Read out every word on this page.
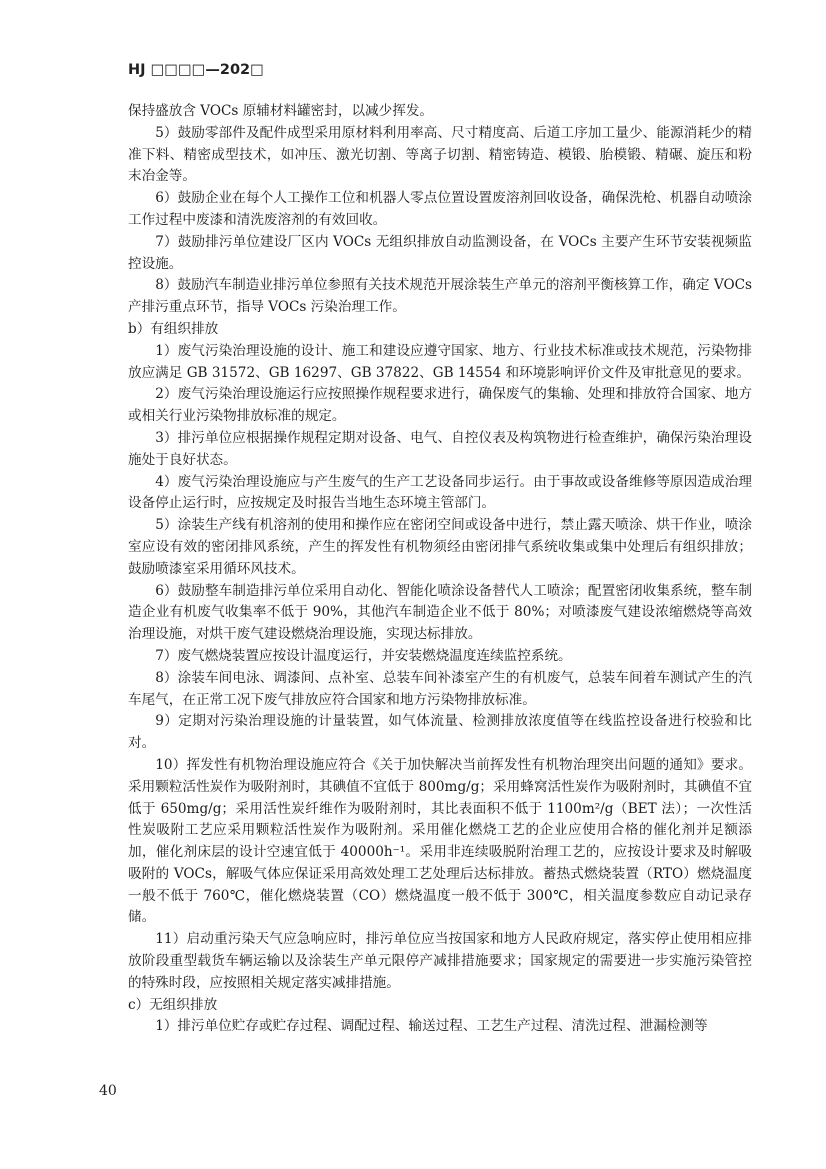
HJ □□□□—202□

保持盛放含 VOCs 原辅材料罐密封，以减少挥发。

5）鼓励零部件及配件成型采用原材料利用率高、尺寸精度高、后道工序加工量少、能源消耗少的精准下料、精密成型技术，如冲压、激光切割、等离子切割、精密铸造、模锻、胎模锻、精碾、旋压和粉末冶金等。

6）鼓励企业在每个人工操作工位和机器人零点位置设置废溶剂回收设备，确保洗枪、机器自动喷涂工作过程中废漆和清洗废溶剂的有效回收。

7）鼓励排污单位建设厂区内 VOCs 无组织排放自动监测设备，在 VOCs 主要产生环节安装视频监控设施。

8）鼓励汽车制造业排污单位参照有关技术规范开展涂装生产单元的溶剂平衡核算工作，确定 VOCs 产排污重点环节，指导 VOCs 污染治理工作。

b）有组织排放

1）废气污染治理设施的设计、施工和建设应遵守国家、地方、行业技术标准或技术规范，污染物排放应满足 GB 31572、GB 16297、GB 37822、GB 14554 和环境影响评价文件及审批意见的要求。

2）废气污染治理设施运行应按照操作规程要求进行，确保废气的集输、处理和排放符合国家、地方或相关行业污染物排放标准的规定。

3）排污单位应根据操作规程定期对设备、电气、自控仪表及构筑物进行检查维护，确保污染治理设施处于良好状态。

4）废气污染治理设施应与产生废气的生产工艺设备同步运行。由于事故或设备维修等原因造成治理设备停止运行时，应按规定及时报告当地生态环境主管部门。

5）涂装生产线有机溶剂的使用和操作应在密闭空间或设备中进行，禁止露天喷涂、烘干作业，喷涂室应设有效的密闭排风系统，产生的挥发性有机物须经由密闭排气系统收集或集中处理后有组织排放；鼓励喷漆室采用循环风技术。

6）鼓励整车制造排污单位采用自动化、智能化喷涂设备替代人工喷涂；配置密闭收集系统，整车制造企业有机废气收集率不低于 90%，其他汽车制造企业不低于 80%；对喷漆废气建设浓缩燃烧等高效治理设施，对烘干废气建设燃烧治理设施，实现达标排放。

7）废气燃烧装置应按设计温度运行，并安装燃烧温度连续监控系统。

8）涂装车间电泳、调漆间、点补室、总装车间补漆室产生的有机废气，总装车间着车测试产生的汽车尾气，在正常工况下废气排放应符合国家和地方污染物排放标准。

9）定期对污染治理设施的计量装置，如气体流量、检测排放浓度值等在线监控设备进行校验和比对。

10）挥发性有机物治理设施应符合《关于加快解决当前挥发性有机物治理突出问题的通知》要求。采用颗粒活性炭作为吸附剂时，其碘值不宜低于 800mg/g；采用蜂窝活性炭作为吸附剂时，其碘值不宜低于 650mg/g；采用活性炭纤维作为吸附剂时，其比表面积不低于 1100m²/g（BET 法）；一次性活性炭吸附工艺应采用颗粒活性炭作为吸附剂。采用催化燃烧工艺的企业应使用合格的催化剂并足额添加，催化剂床层的设计空速宜低于 40000h⁻¹。采用非连续吸脱附治理工艺的，应按设计要求及时解吸吸附的 VOCs，解吸气体应保证采用高效处理工艺处理后达标排放。蓄热式燃烧装置（RTO）燃烧温度一般不低于 760℃，催化燃烧装置（CO）燃烧温度一般不低于 300℃，相关温度参数应自动记录存储。

11）启动重污染天气应急响应时，排污单位应当按国家和地方人民政府规定，落实停止使用相应排放阶段重型载货车辆运输以及涂装生产单元限停产减排措施要求；国家规定的需要进一步实施污染管控的特殊时段，应按照相关规定落实减排措施。

c）无组织排放

1）排污单位贮存或贮存过程、调配过程、输送过程、工艺生产过程、清洗过程、泄漏检测等

40
